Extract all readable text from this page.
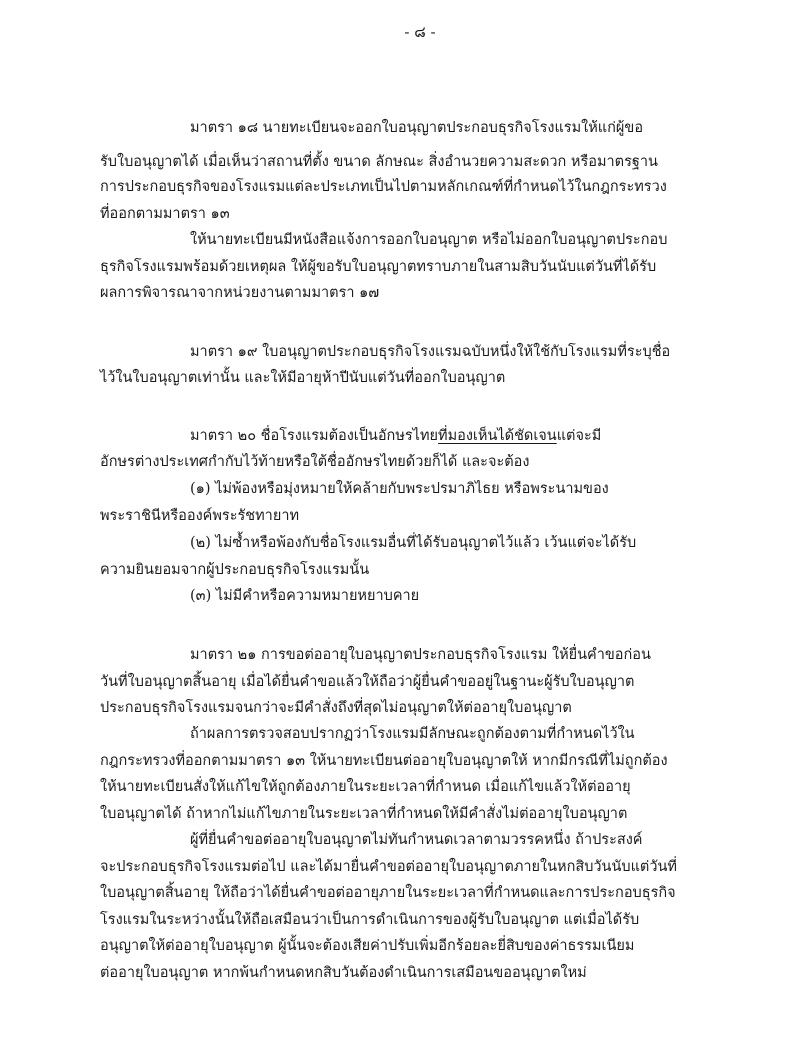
- ๘ -
มาตรา ๑๘ นายทะเบียนจะออกใบอนุญาตประกอบธุรกิจโรงแรมให้แก่ผู้ขอ
รับใบอนุญาตได้ เมื่อเห็นว่าสถานที่ตั้ง ขนาด ลักษณะ สิ่งอำนวยความสะดวก หรือมาตรฐาน
การประกอบธุรกิจของโรงแรมแต่ละประเภทเป็นไปตามหลักเกณฑ์ที่กำหนดไว้ในกฎกระทรวง
ที่ออกตามมาตรา ๑๓
ให้นายทะเบียนมีหนังสือแจ้งการออกใบอนุญาต หรือไม่ออกใบอนุญาตประกอบ
ธุรกิจโรงแรมพร้อมด้วยเหตุผล ให้ผู้ขอรับใบอนุญาตทราบภายในสามสิบวันนับแต่วันที่ได้รับ
ผลการพิจารณาจากหน่วยงานตามมาตรา ๑๗
มาตรา ๑๙ ใบอนุญาตประกอบธุรกิจโรงแรมฉบับหนึ่งให้ใช้กับโรงแรมที่ระบุชื่อ
ไว้ในใบอนุญาตเท่านั้น และให้มีอายุห้าปีนับแต่วันที่ออกใบอนุญาต
มาตรา ๒๐ ชื่อโรงแรมต้องเป็นอักษรไทยที่มองเห็นได้ชัดเจนแต่จะมี
อักษรต่างประเทศกำกับไว้ท้ายหรือใต้ชื่ออักษรไทยด้วยก็ได้ และจะต้อง
(๑) ไม่พ้องหรือมุ่งหมายให้คล้ายกับพระปรมาภิไธย หรือพระนามของ
พระราชินีหรือองค์พระรัชทายาท
(๒) ไม่ซ้ำหรือพ้องกับชื่อโรงแรมอื่นที่ได้รับอนุญาตไว้แล้ว เว้นแต่จะได้รับ
ความยินยอมจากผู้ประกอบธุรกิจโรงแรมนั้น
(๓) ไม่มีคำหรือความหมายหยาบคาย
มาตรา ๒๑ การขอต่ออายุใบอนุญาตประกอบธุรกิจโรงแรม ให้ยื่นคำขอก่อน
วันที่ใบอนุญาตสิ้นอายุ เมื่อได้ยื่นคำขอแล้วให้ถือว่าผู้ยื่นคำขออยู่ในฐานะผู้รับใบอนุญาต
ประกอบธุรกิจโรงแรมจนกว่าจะมีคำสั่งถึงที่สุดไม่อนุญาตให้ต่ออายุใบอนุญาต
ถ้าผลการตรวจสอบปรากฏว่าโรงแรมมีลักษณะถูกต้องตามที่กำหนดไว้ใน
กฎกระทรวงที่ออกตามมาตรา ๑๓ ให้นายทะเบียนต่ออายุใบอนุญาตให้ หากมีกรณีที่ไม่ถูกต้อง
ให้นายทะเบียนสั่งให้แก้ไขให้ถูกต้องภายในระยะเวลาที่กำหนด เมื่อแก้ไขแล้วให้ต่ออายุ
ใบอนุญาตได้ ถ้าหากไม่แก้ไขภายในระยะเวลาที่กำหนดให้มีคำสั่งไม่ต่ออายุใบอนุญาต
ผู้ที่ยื่นคำขอต่ออายุใบอนุญาตไม่ทันกำหนดเวลาตามวรรคหนึ่ง ถ้าประสงค์
จะประกอบธุรกิจโรงแรมต่อไป และได้มายื่นคำขอต่ออายุใบอนุญาตภายในหกสิบวันนับแต่วันที่
ใบอนุญาตสิ้นอายุ ให้ถือว่าได้ยื่นคำขอต่ออายุภายในระยะเวลาที่กำหนดและการประกอบธุรกิจ
โรงแรมในระหว่างนั้นให้ถือเสมือนว่าเป็นการดำเนินการของผู้รับใบอนุญาต แต่เมื่อได้รับ
อนุญาตให้ต่ออายุใบอนุญาต ผู้นั้นจะต้องเสียค่าปรับเพิ่มอีกร้อยละยี่สิบของค่าธรรมเนียม
ต่ออายุใบอนุญาต หากพ้นกำหนดหกสิบวันต้องดำเนินการเสมือนขออนุญาตใหม่
